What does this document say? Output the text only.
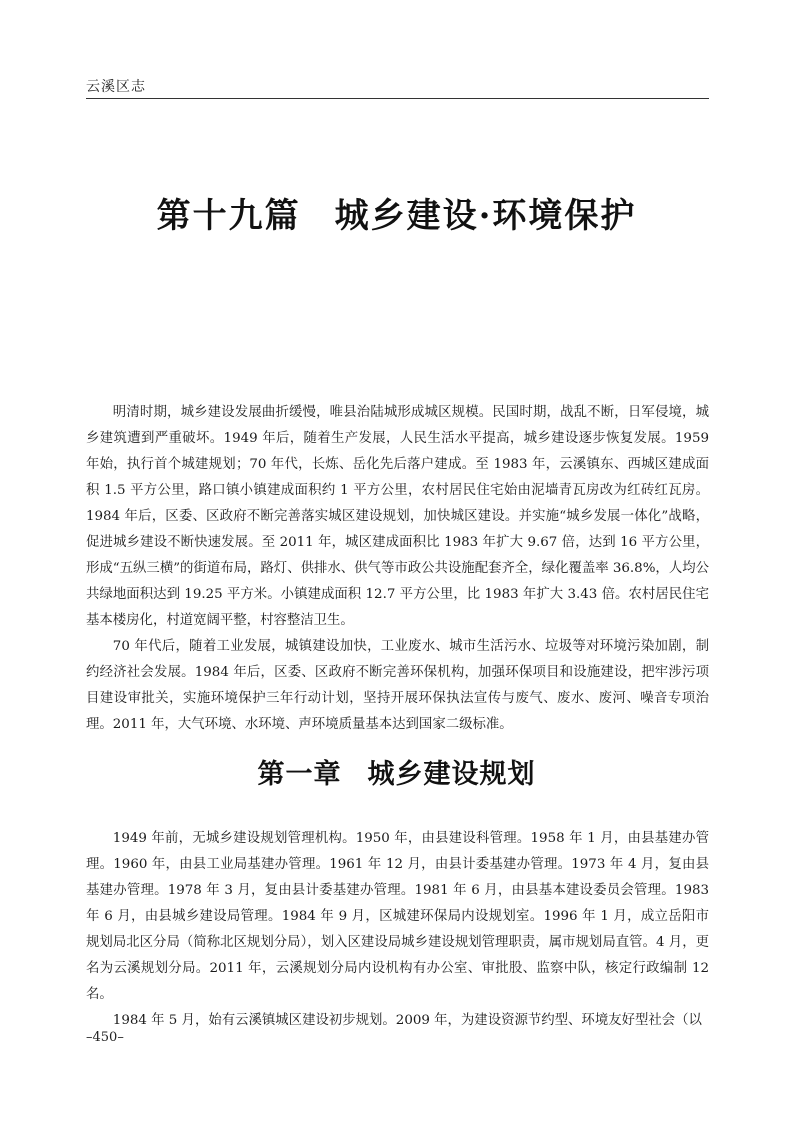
云溪区志
第十九篇 城乡建设·环境保护

明清时期，城乡建设发展曲折缓慢，唯县治陆城形成城区规模。民国时期，战乱不断，日军侵境，城乡建筑遭到严重破坏。1949 年后，随着生产发展，人民生活水平提高，城乡建设逐步恢复发展。1959 年始，执行首个城建规划；70 年代，长炼、岳化先后落户建成。至 1983 年，云溪镇东、西城区建成面积 1.5 平方公里，路口镇小镇建成面积约 1 平方公里，农村居民住宅始由泥墙青瓦房改为红砖红瓦房。1984 年后，区委、区政府不断完善落实城区建设规划，加快城区建设。并实施“城乡发展一体化”战略，促进城乡建设不断快速发展。至 2011 年，城区建成面积比 1983 年扩大 9.67 倍，达到 16 平方公里，形成“五纵三横”的街道布局，路灯、供排水、供气等市政公共设施配套齐全，绿化覆盖率 36.8%，人均公共绿地面积达到 19.25 平方米。小镇建成面积 12.7 平方公里，比 1983 年扩大 3.43 倍。农村居民住宅基本楼房化，村道宽阔平整，村容整洁卫生。

70 年代后，随着工业发展，城镇建设加快，工业废水、城市生活污水、垃圾等对环境污染加剧，制约经济社会发展。1984 年后，区委、区政府不断完善环保机构，加强环保项目和设施建设，把牢涉污项目建设审批关，实施环境保护三年行动计划，坚持开展环保执法宣传与废气、废水、废河、噪音专项治理。2011 年，大气环境、水环境、声环境质量基本达到国家二级标准。

第一章 城乡建设规划

1949 年前，无城乡建设规划管理机构。1950 年，由县建设科管理。1958 年 1 月，由县基建办管理。1960 年，由县工业局基建办管理。1961 年 12 月，由县计委基建办管理。1973 年 4 月，复由县基建办管理。1978 年 3 月，复由县计委基建办管理。1981 年 6 月，由县基本建设委员会管理。1983 年 6 月，由县城乡建设局管理。1984 年 9 月，区城建环保局内设规划室。1996 年 1 月，成立岳阳市规划局北区分局（简称北区规划分局），划入区建设局城乡建设规划管理职责，属市规划局直管。4 月，更名为云溪规划分局。2011 年，云溪规划分局内设机构有办公室、审批股、监察中队，核定行政编制 12 名。

1984 年 5 月，始有云溪镇城区建设初步规划。2009 年，为建设资源节约型、环境友好型社会（以

–450–
